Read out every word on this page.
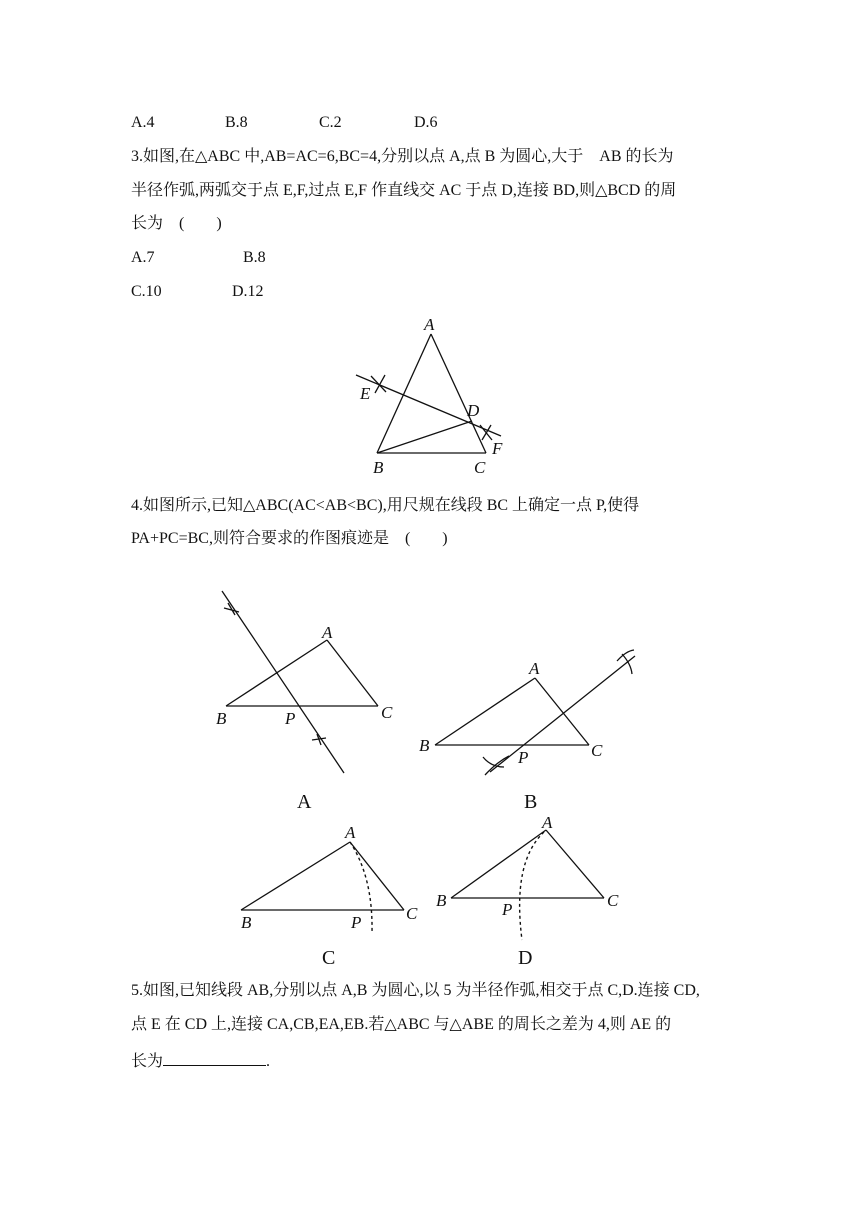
A.4	B.8	C.2	D.6
3.如图,在△ABC 中,AB=AC=6,BC=4,分别以点 A,点 B 为圆心,大于    AB 的长为
半径作弧,两弧交于点 E,F,过点 E,F 作直线交 AC 于点 D,连接 BD,则△BCD 的周
长为    (        )
A.7	B.8
C.10	D.12
A
E
D
F
B	C
4.如图所示,已知△ABC(AC<AB<BC),用尺规在线段 BC 上确定一点 P,使得
PA+PC=BC,则符合要求的作图痕迹是    (        )
A
B	P	C
A
A
B
P	C
B
A
B	P	C
C
A
B	P	C
D
5.如图,已知线段 AB,分别以点 A,B 为圆心,以 5 为半径作弧,相交于点 C,D.连接 CD,
点 E 在 CD 上,连接 CA,CB,EA,EB.若△ABC 与△ABE 的周长之差为 4,则 AE 的
长为	.
